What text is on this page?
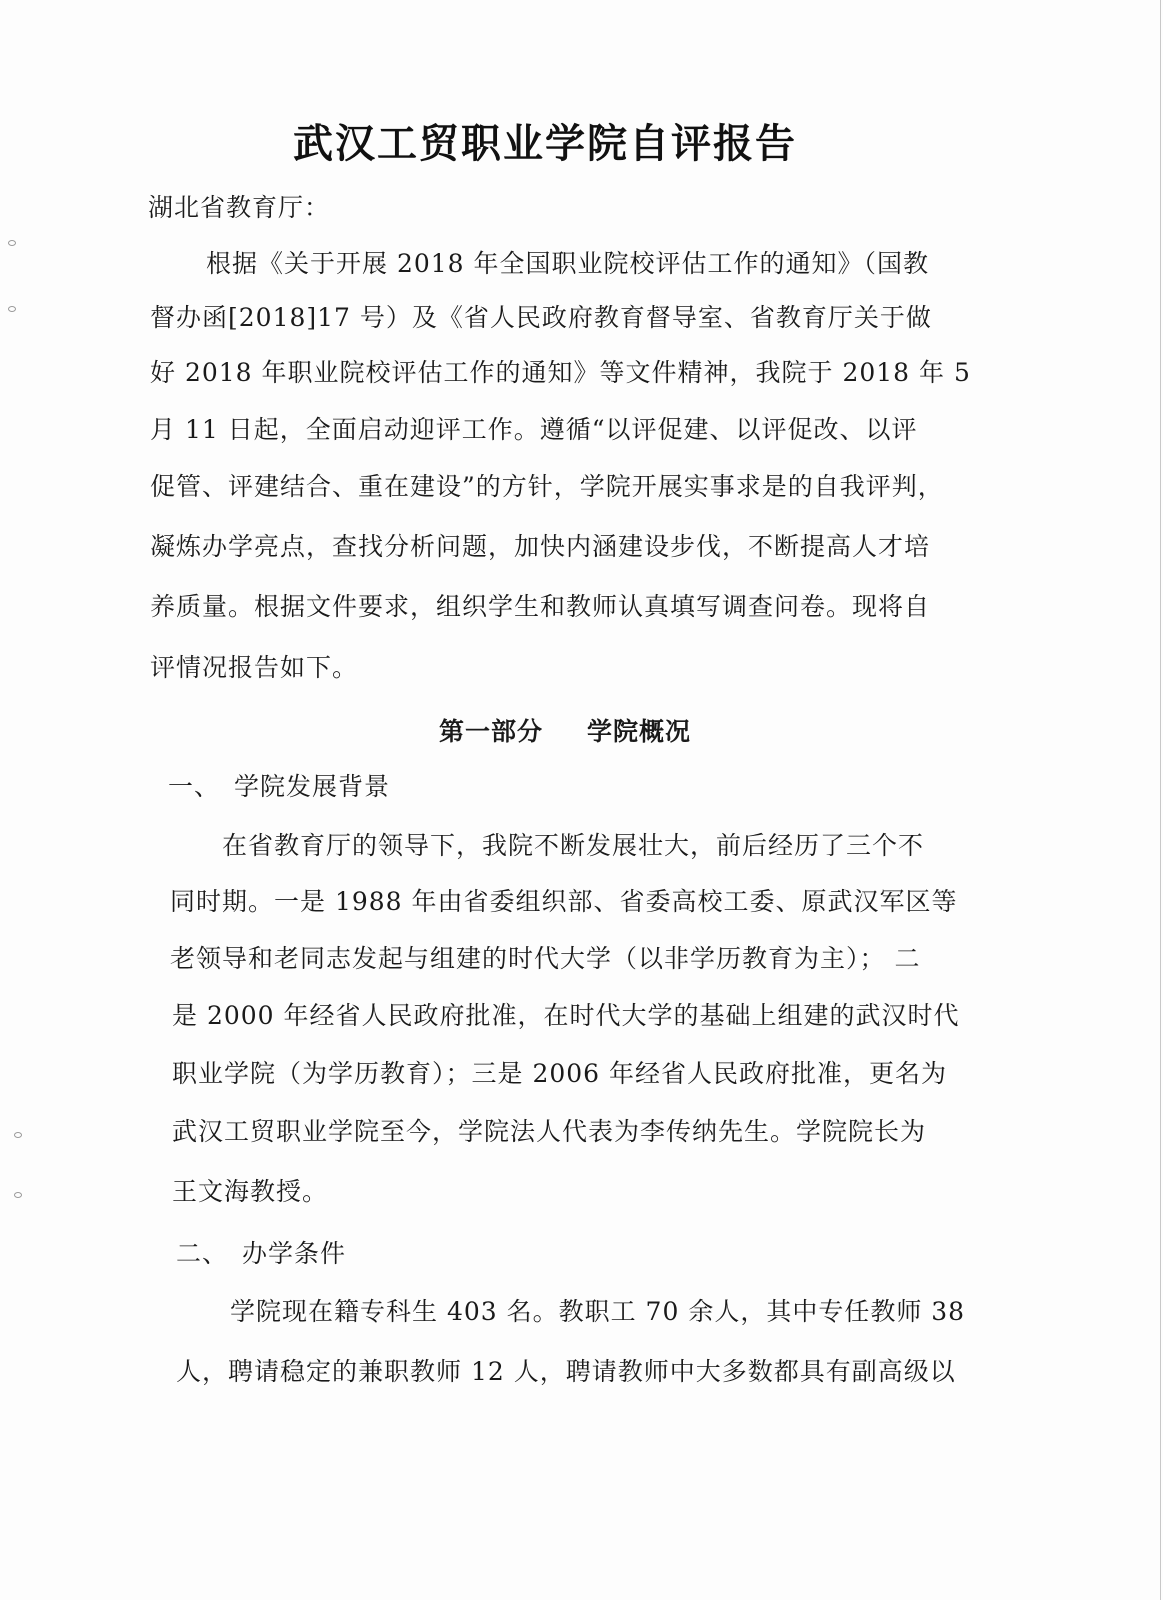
武汉工贸职业学院自评报告
湖北省教育厅：
根据《关于开展 2018 年全国职业院校评估工作的通知》（国教
督办函[2018]17 号）及《省人民政府教育督导室、省教育厅关于做
好 2018 年职业院校评估工作的通知》等文件精神，我院于 2018 年 5
月 11 日起，全面启动迎评工作。遵循“以评促建、以评促改、以评
促管、评建结合、重在建设”的方针，学院开展实事求是的自我评判，
凝炼办学亮点，查找分析问题，加快内涵建设步伐，不断提高人才培
养质量。根据文件要求，组织学生和教师认真填写调查问卷。现将自
评情况报告如下。
第一部分 学院概况
一、 学院发展背景
在省教育厅的领导下，我院不断发展壮大，前后经历了三个不
同时期。一是 1988 年由省委组织部、省委高校工委、原武汉军区等
老领导和老同志发起与组建的时代大学（以非学历教育为主）； 二
是 2000 年经省人民政府批准，在时代大学的基础上组建的武汉时代
职业学院（为学历教育）；三是 2006 年经省人民政府批准，更名为
武汉工贸职业学院至今，学院法人代表为李传纳先生。学院院长为
王文海教授。
二、 办学条件
学院现在籍专科生 403 名。教职工 70 余人，其中专任教师 38
人，聘请稳定的兼职教师 12 人，聘请教师中大多数都具有副高级以
